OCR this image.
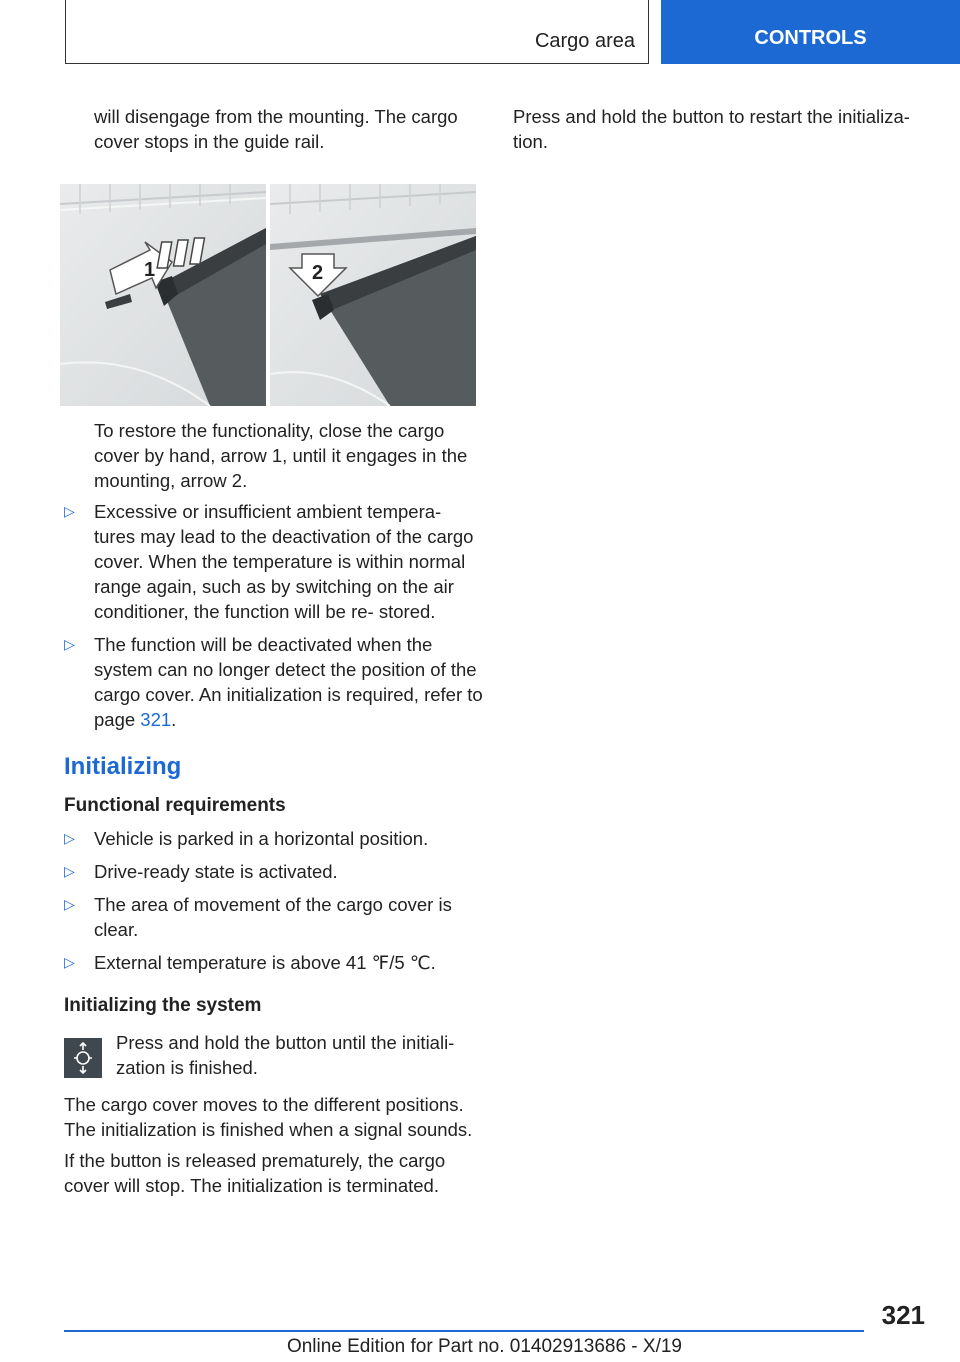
Cargo area	CONTROLS

will disengage from the mounting. The cargo cover stops in the guide rail.

1	2

To restore the functionality, close the cargo cover by hand, arrow 1, until it engages in the mounting, arrow 2.

▷ Excessive or insufficient ambient tempera- tures may lead to the deactivation of the cargo cover. When the temperature is within normal range again, such as by switching on the air conditioner, the function will be re- stored.
▷ The function will be deactivated when the system can no longer detect the position of the cargo cover. An initialization is required, refer to page 321.
Initializing
Functional requirements
▷ Vehicle is parked in a horizontal position.
▷ Drive-ready state is activated.
▷ The area of movement of the cargo cover is clear.
▷ External temperature is above 41 ℉/5 ℃.
Initializing the system

Press and hold the button until the initiali- zation is finished.

The cargo cover moves to the different positions. The initialization is finished when a signal sounds.

If the button is released prematurely, the cargo cover will stop. The initialization is terminated.

Press and hold the button to restart the initializa- tion.

321
Online Edition for Part no. 01402913686 - X/19
